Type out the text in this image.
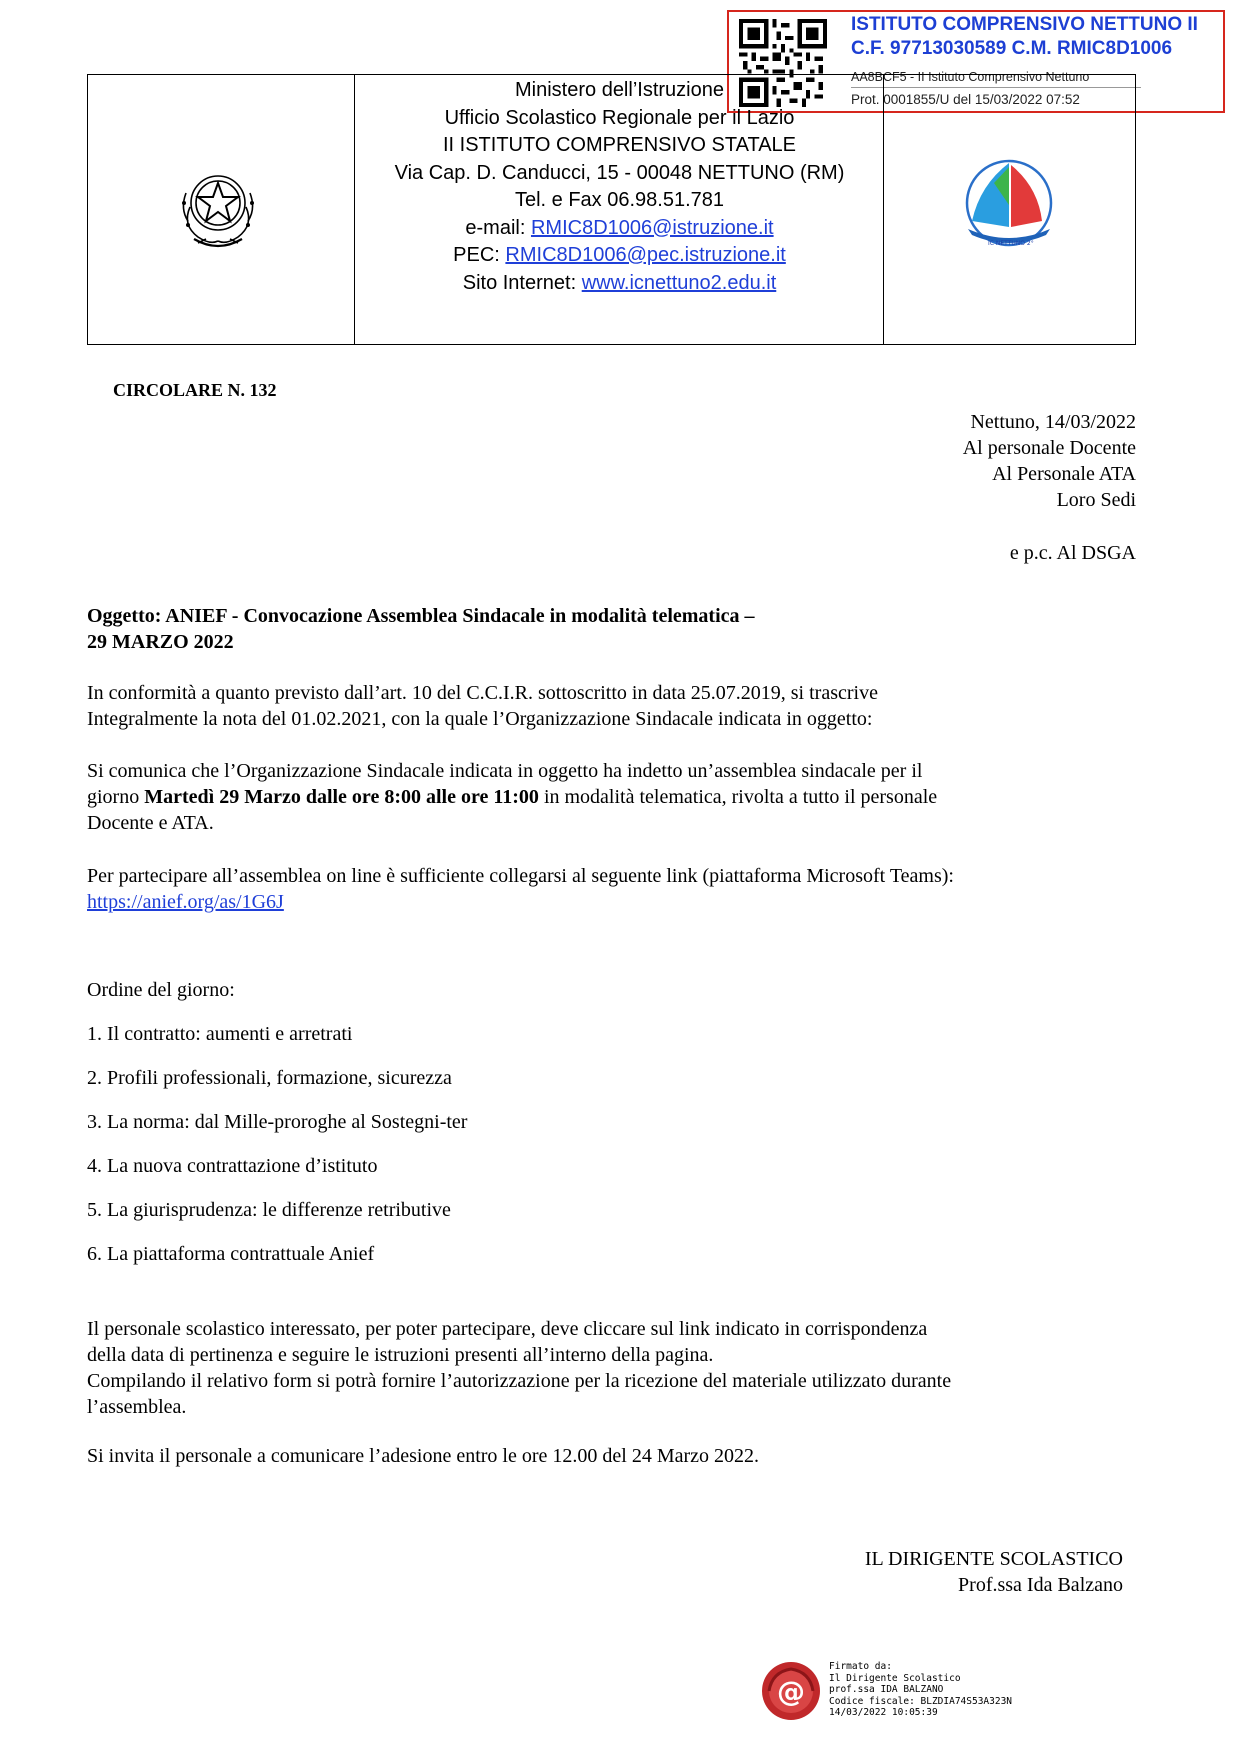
ISTITUTO COMPRENSIVO NETTUNO II
C.F. 97713030589 C.M. RMIC8D1006
AA8BCF5 - II Istituto Comprensivo Nettuno
Prot. 0001855/U del 15/03/2022 07:52
Ministero dell’Istruzione
Ufficio Scolastico Regionale per il Lazio
II ISTITUTO COMPRENSIVO STATALE
Via Cap. D. Canducci, 15 - 00048 NETTUNO (RM)
Tel. e Fax 06.98.51.781
e-mail: RMIC8D1006@istruzione.it
PEC: RMIC8D1006@pec.istruzione.it
Sito Internet: www.icnettuno2.edu.it
IC NETTUNO 2°
CIRCOLARE N. 132
Nettuno, 14/03/2022
Al personale Docente
Al Personale ATA
Loro Sedi
e p.c. Al DSGA
Oggetto: ANIEF - Convocazione Assemblea Sindacale in modalità telematica –
29 MARZO 2022
In conformità a quanto previsto dall’art. 10 del C.C.I.R. sottoscritto in data 25.07.2019, si trascrive
Integralmente la nota del 01.02.2021, con la quale l’Organizzazione Sindacale indicata in oggetto:
Si comunica che l’Organizzazione Sindacale indicata in oggetto ha indetto un’assemblea sindacale per il
giorno Martedì 29 Marzo dalle ore 8:00 alle ore 11:00 in modalità telematica, rivolta a tutto il personale
Docente e ATA.
Per partecipare all’assemblea on line è sufficiente collegarsi al seguente link (piattaforma Microsoft Teams):
https://anief.org/as/1G6J
Ordine del giorno:
1. Il contratto: aumenti e arretrati
2. Profili professionali, formazione, sicurezza
3. La norma: dal Mille-proroghe al Sostegni-ter
4. La nuova contrattazione d’istituto
5. La giurisprudenza: le differenze retributive
6. La piattaforma contrattuale Anief
Il personale scolastico interessato, per poter partecipare, deve cliccare sul link indicato in corrispondenza
della data di pertinenza e seguire le istruzioni presenti all’interno della pagina.
Compilando il relativo form si potrà fornire l’autorizzazione per la ricezione del materiale utilizzato durante
l’assemblea.
Si invita il personale a comunicare l’adesione entro le ore 12.00 del 24 Marzo 2022.
IL DIRIGENTE SCOLASTICO
Prof.ssa Ida Balzano
@
Firmato da:
Il Dirigente Scolastico
prof.ssa IDA BALZANO
Codice fiscale: BLZDIA74S53A323N
14/03/2022 10:05:39
